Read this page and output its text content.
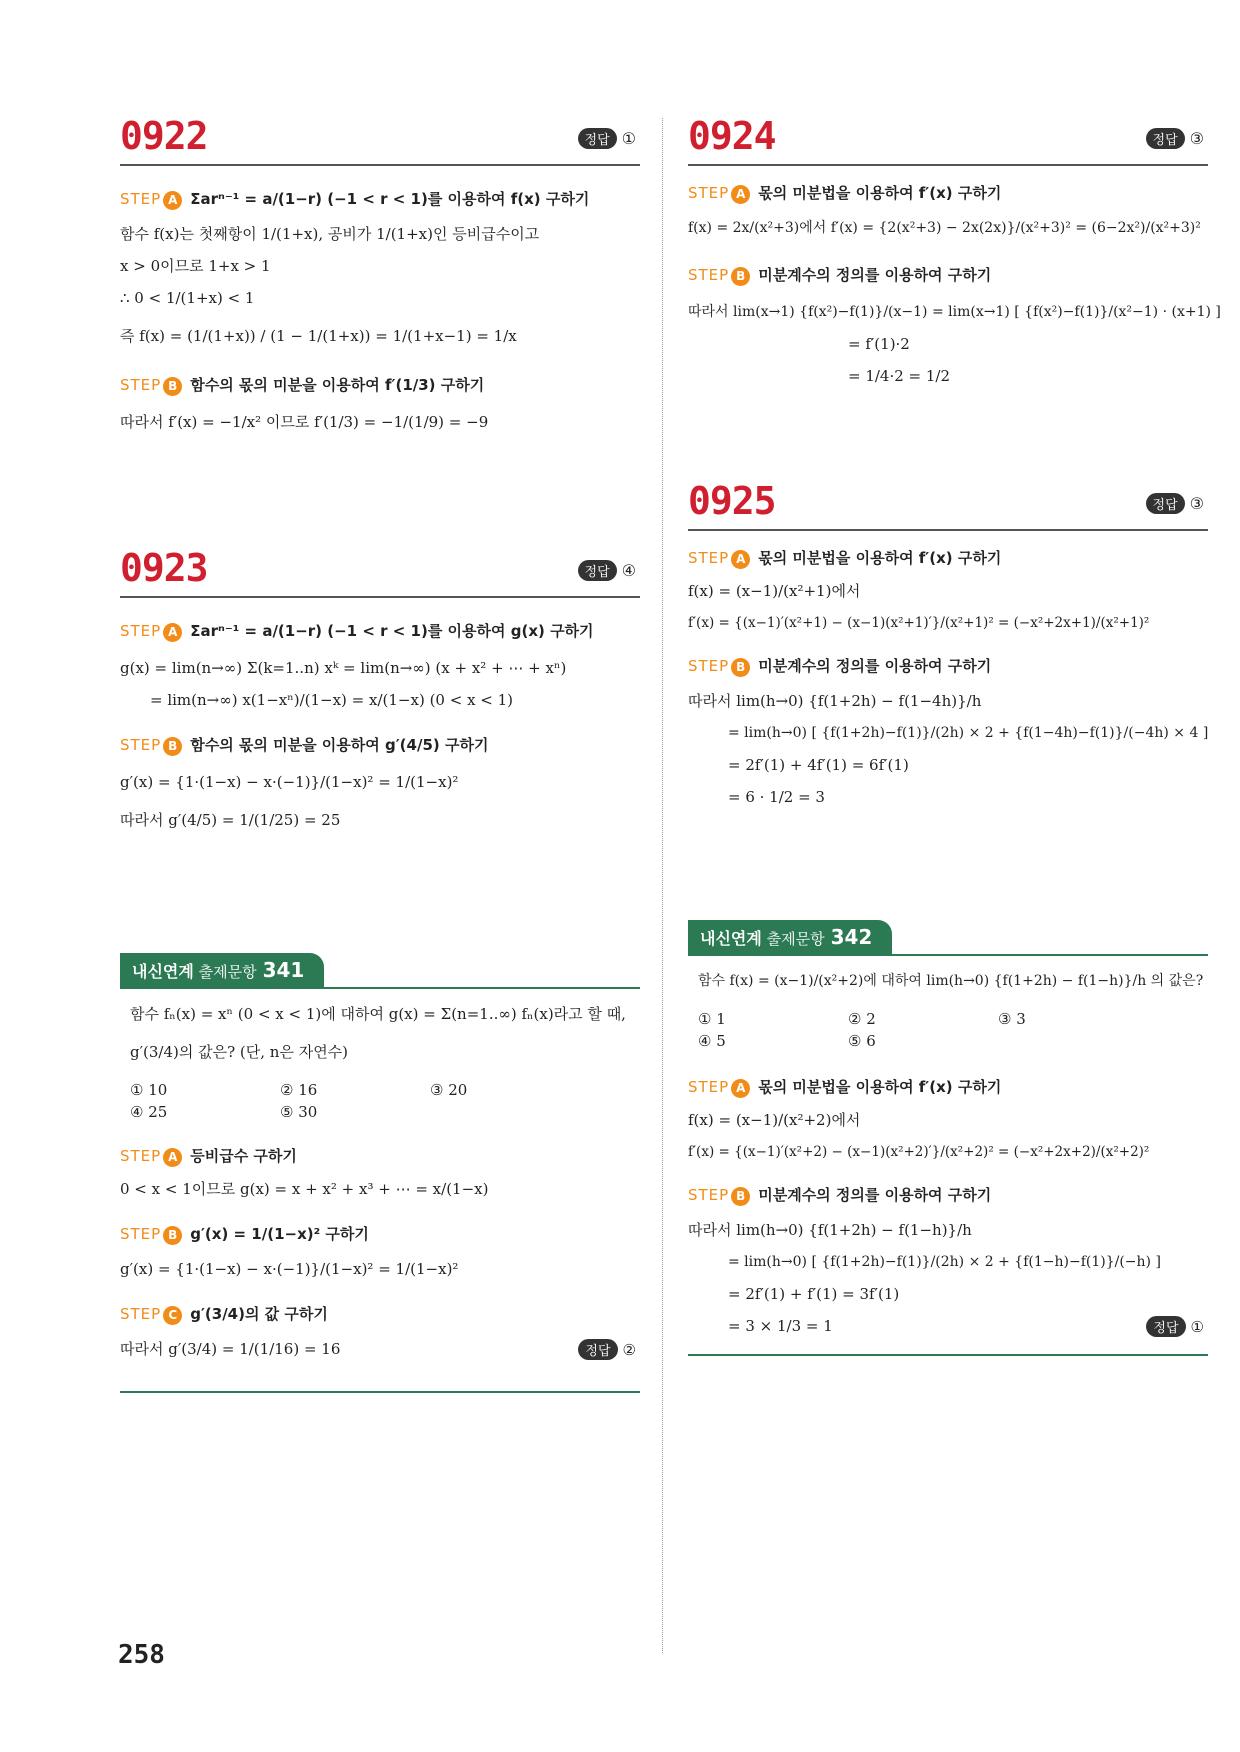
0922	정답 ①
STEP A Σarⁿ⁻¹ = a/(1−r) (−1 < r < 1)를 이용하여 f(x) 구하기
함수 f(x)는 첫째항이 1/(1+x), 공비가 1/(1+x)인 등비급수이고
x > 0이므로 1+x > 1
∴ 0 < 1/(1+x) < 1
즉 f(x) = (1/(1+x)) / (1 − 1/(1+x)) = 1/(1+x−1) = 1/x
STEP B 함수의 몫의 미분을 이용하여 f′(1/3) 구하기
따라서 f′(x) = −1/x² 이므로 f′(1/3) = −1/(1/9) = −9
0923	정답 ④
STEP A Σarⁿ⁻¹ = a/(1−r) (−1 < r < 1)를 이용하여 g(x) 구하기
g(x) = lim(n→∞) Σ(k=1..n) xᵏ = lim(n→∞) (x + x² + ⋯ + xⁿ)
= lim(n→∞) x(1−xⁿ)/(1−x) = x/(1−x) (0 < x < 1)
STEP B 함수의 몫의 미분을 이용하여 g′(4/5) 구하기
g′(x) = {1·(1−x) − x·(−1)}/(1−x)² = 1/(1−x)²
따라서 g′(4/5) = 1/(1/25) = 25
내신연계 출제문항 341
함수 fₙ(x) = xⁿ (0 < x < 1)에 대하여 g(x) = Σ(n=1..∞) fₙ(x)라고 할 때,
g′(3/4)의 값은? (단, n은 자연수)
① 10	② 16	③ 20
④ 25	⑤ 30
STEP A 등비급수 구하기
0 < x < 1이므로 g(x) = x + x² + x³ + ⋯ = x/(1−x)
STEP B g′(x) = 1/(1−x)² 구하기
g′(x) = {1·(1−x) − x·(−1)}/(1−x)² = 1/(1−x)²
STEP C g′(3/4)의 값 구하기
따라서 g′(3/4) = 1/(1/16) = 16	정답 ②
0924	정답 ③
STEP A 몫의 미분법을 이용하여 f′(x) 구하기
f(x) = 2x/(x²+3)에서 f′(x) = {2(x²+3) − 2x(2x)}/(x²+3)² = (6−2x²)/(x²+3)²
STEP B 미분계수의 정의를 이용하여 구하기
따라서 lim(x→1) {f(x²)−f(1)}/(x−1) = lim(x→1) [ {f(x²)−f(1)}/(x²−1) · (x+1) ]
= f′(1)·2
= 1/4·2 = 1/2
0925	정답 ③
STEP A 몫의 미분법을 이용하여 f′(x) 구하기
f(x) = (x−1)/(x²+1)에서
f′(x) = {(x−1)′(x²+1) − (x−1)(x²+1)′}/(x²+1)² = (−x²+2x+1)/(x²+1)²
STEP B 미분계수의 정의를 이용하여 구하기
따라서 lim(h→0) {f(1+2h) − f(1−4h)}/h
= lim(h→0) [ {f(1+2h)−f(1)}/(2h) × 2 + {f(1−4h)−f(1)}/(−4h) × 4 ]
= 2f′(1) + 4f′(1) = 6f′(1)
= 6 · 1/2 = 3
내신연계 출제문항 342
함수 f(x) = (x−1)/(x²+2)에 대하여 lim(h→0) {f(1+2h) − f(1−h)}/h 의 값은?
① 1	② 2	③ 3
④ 5	⑤ 6
STEP A 몫의 미분법을 이용하여 f′(x) 구하기
f(x) = (x−1)/(x²+2)에서
f′(x) = {(x−1)′(x²+2) − (x−1)(x²+2)′}/(x²+2)² = (−x²+2x+2)/(x²+2)²
STEP B 미분계수의 정의를 이용하여 구하기
따라서 lim(h→0) {f(1+2h) − f(1−h)}/h
= lim(h→0) [ {f(1+2h)−f(1)}/(2h) × 2 + {f(1−h)−f(1)}/(−h) ]
= 2f′(1) + f′(1) = 3f′(1)
= 3 × 1/3 = 1	정답 ①
258
